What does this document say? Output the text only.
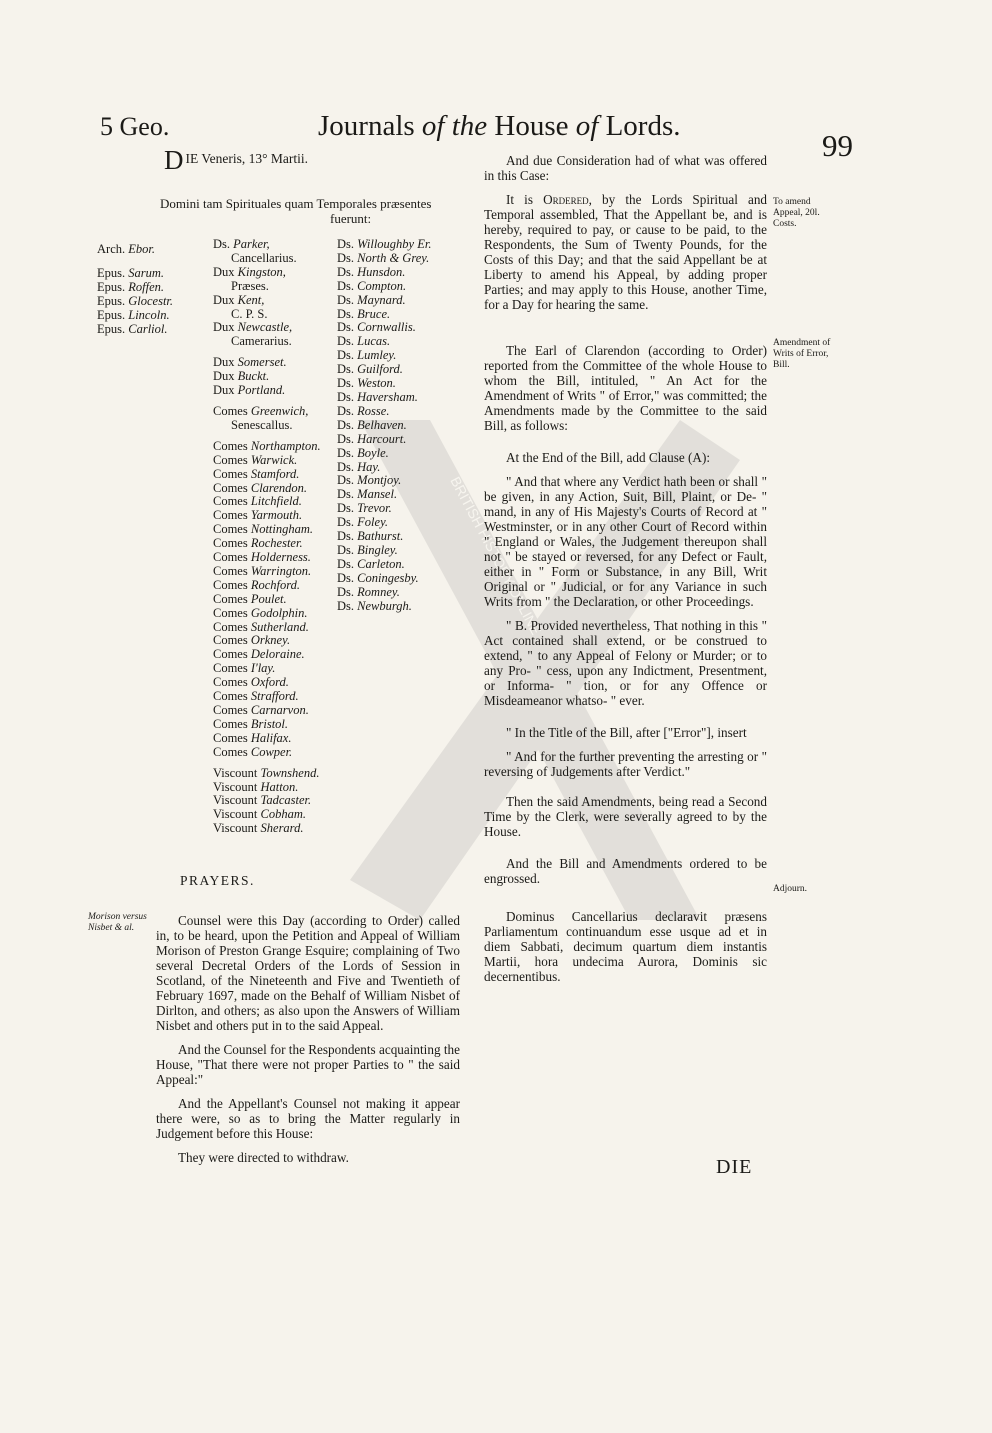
5 Geo.	Journals of the House of Lords.
99
BRITISH HISTORY ONLINE
DIE Veneris, 13° Martii.
Domini tam Spirituales quam Temporales præsentes
fuerunt:
Arch. Ebor.
Epus. Sarum.
Epus. Roffen.
Epus. Glocestr.
Epus. Lincoln.
Epus. Carliol.
Ds. Parker,
Cancellarius.
Dux Kingston,
Præses.
Dux Kent,
C. P. S.
Dux Newcastle,
Camerarius.
Dux Somerset.
Dux Buckt.
Dux Portland.
Comes Greenwich,
Senescallus.
Comes Northampton.
Comes Warwick.
Comes Stamford.
Comes Clarendon.
Comes Litchfield.
Comes Yarmouth.
Comes Nottingham.
Comes Rochester.
Comes Holderness.
Comes Warrington.
Comes Rochford.
Comes Poulet.
Comes Godolphin.
Comes Sutherland.
Comes Orkney.
Comes Deloraine.
Comes I'lay.
Comes Oxford.
Comes Strafford.
Comes Carnarvon.
Comes Bristol.
Comes Halifax.
Comes Cowper.
Viscount Townshend.
Viscount Hatton.
Viscount Tadcaster.
Viscount Cobham.
Viscount Sherard.
Ds. Willoughby Er.
Ds. North & Grey.
Ds. Hunsdon.
Ds. Compton.
Ds. Maynard.
Ds. Bruce.
Ds. Cornwallis.
Ds. Lucas.
Ds. Lumley.
Ds. Guilford.
Ds. Weston.
Ds. Haversham.
Ds. Rosse.
Ds. Belhaven.
Ds. Harcourt.
Ds. Boyle.
Ds. Hay.
Ds. Montjoy.
Ds. Mansel.
Ds. Trevor.
Ds. Foley.
Ds. Bathurst.
Ds. Bingley.
Ds. Carleton.
Ds. Coningesby.
Ds. Romney.
Ds. Newburgh.
PRAYERS.
Morison versus Nisbet & al.	Counsel were this Day (according to Order) called in, to be heard, upon the Petition and Appeal of William Morison of Preston Grange Esquire; complaining of Two several Decretal Orders of the Lords of Session in Scotland, of the Nineteenth and Five and Twentieth of February 1697, made on the Behalf of William Nisbet of Dirlton, and others; as also upon the Answers of William Nisbet and others put in to the said Appeal.

And the Counsel for the Respondents acquainting the House, "That there were not proper Parties to " the said Appeal:"

And the Appellant's Counsel not making it appear there were, so as to bring the Matter regularly in Judgement before this House:

They were directed to withdraw.

And due Consideration had of what was offered in this Case:

It is Ordered, by the Lords Spiritual and Temporal assembled, That the Appellant be, and is hereby, required to pay, or cause to be paid, to the Respondents, the Sum of Twenty Pounds, for the Costs of this Day; and that the said Appellant be at Liberty to amend his Appeal, by adding proper Parties; and may apply to this House, another Time, for a Day for hearing the same.

The Earl of Clarendon (according to Order) reported from the Committee of the whole House to whom the Bill, intituled, " An Act for the Amendment of Writs " of Error," was committed; the Amendments made by the Committee to the said Bill, as follows:

At the End of the Bill, add Clause (A):

" And that where any Verdict hath been or shall " be given, in any Action, Suit, Bill, Plaint, or De- " mand, in any of His Majesty's Courts of Record at " Westminster, or in any other Court of Record within " England or Wales, the Judgement thereupon shall not " be stayed or reversed, for any Defect or Fault, either in " Form or Substance, in any Bill, Writ Original or " Judicial, or for any Variance in such Writs from " the Declaration, or other Proceedings.

" B. Provided nevertheless, That nothing in this " Act contained shall extend, or be construed to extend, " to any Appeal of Felony or Murder; or to any Pro- " cess, upon any Indictment, Presentment, or Informa- " tion, or for any Offence or Misdeameanor whatso- " ever.

" In the Title of the Bill, after ["Error"], insert

" And for the further preventing the arresting or " reversing of Judgements after Verdict."

Then the said Amendments, being read a Second Time by the Clerk, were severally agreed to by the House.

And the Bill and Amendments ordered to be engrossed.

Dominus Cancellarius declaravit præsens Parliamentum continuandum esse usque ad et in diem Sabbati, decimum quartum diem instantis Martii, hora undecima Aurora, Dominis sic decernentibus.

To amend Appeal, 20l. Costs.
Amendment of Writs of Error, Bill.
Adjourn.
DIE
